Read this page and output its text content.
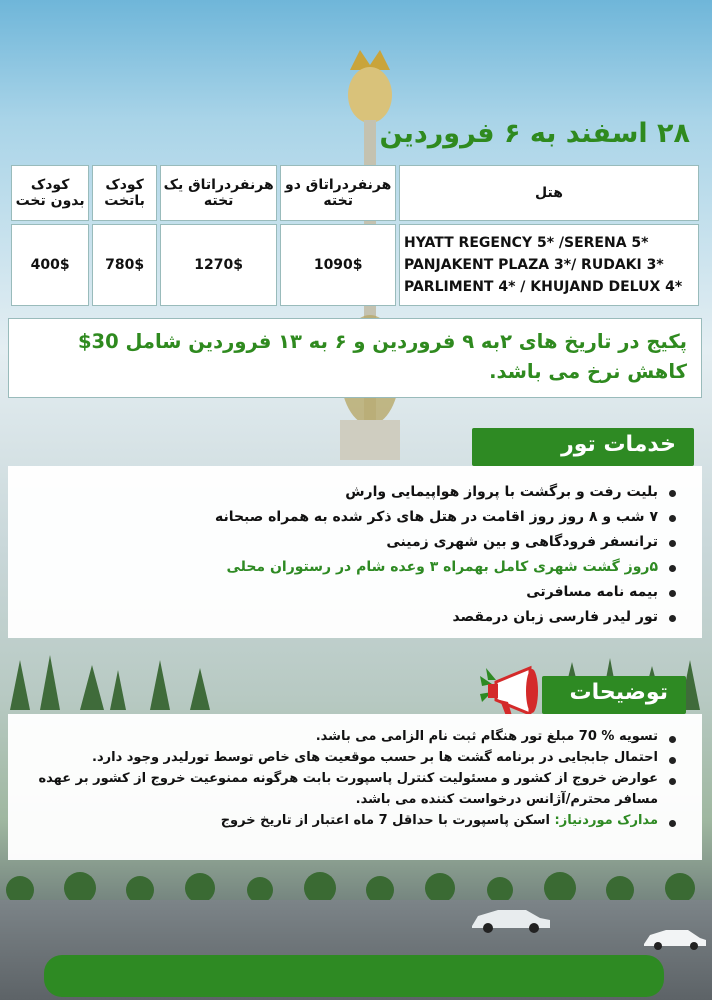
۲۸ اسفند به ۶ فروردین
کودک بدون تخت	کودک باتخت	هرنفردراتاق یک تخته	هرنفردراتاق دو تخته	هتل
400$	780$	1270$	1090$	HYATT REGENCY 5* /SERENA 5*
PANJAKENT PLAZA 3*/ RUDAKI 3*
PARLIMENT 4* / KHUJAND DELUX 4*
پکیج در تاریخ های ۲به ۹ فروردین و ۶ به ۱۳ فروردین شامل 30$ کاهش نرخ می باشد.
خدمات تور
بلیت رفت و برگشت با پرواز هواپیمایی وارش
۷ شب و ۸ روز روز اقامت در هتل های ذکر شده به همراه صبحانه
ترانسفر فرودگاهی و بین شهری زمینی
۵روز گشت شهری کامل بهمراه ۳ وعده شام در رستوران محلی
بیمه نامه مسافرتی
تور لیدر فارسی زبان درمقصد
توضیحات
تسویه % 70 مبلغ تور هنگام ثبت نام الزامی می باشد.
احتمال جابجایی در برنامه گشت ها بر حسب موقعیت های خاص توسط تورلیدر وجود دارد.
عوارض خروج از کشور و مسئولیت کنترل پاسپورت بابت هرگونه ممنوعیت خروج از کشور بر عهده مسافر محترم/آژانس درخواست کننده می باشد.
مدارک موردنیاز: اسکن پاسپورت با حداقل 7 ماه اعتبار از تاریخ خروج
